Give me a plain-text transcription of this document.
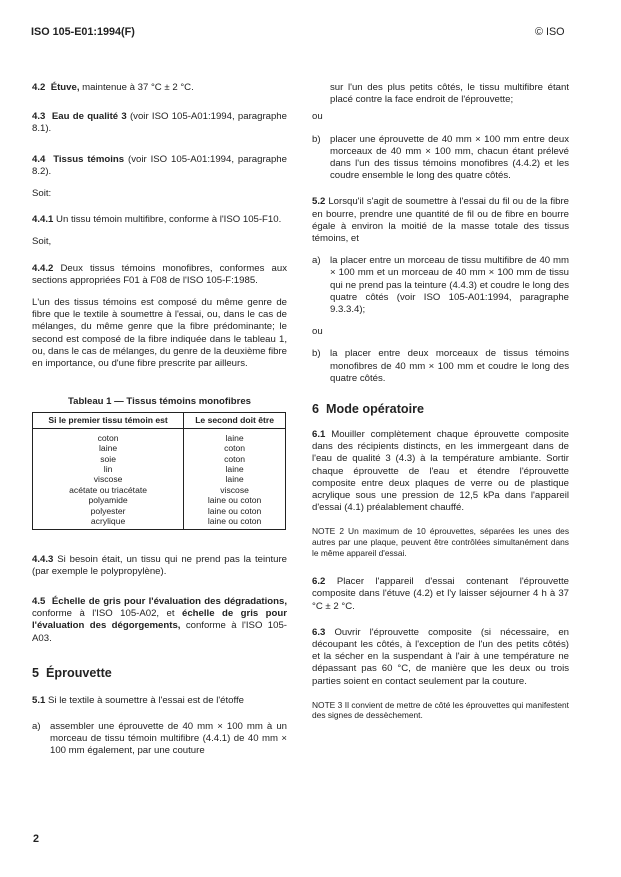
ISO 105-E01:1994(F)	© ISO

4.2 Étuve, maintenue à 37 °C ± 2 °C.

4.3 Eau de qualité 3 (voir ISO 105-A01:1994, paragraphe 8.1).

4.4 Tissus témoins (voir ISO 105-A01:1994, paragraphe 8.2).

Soit:

4.4.1 Un tissu témoin multifibre, conforme à l'ISO 105-F10.

Soit,

4.4.2 Deux tissus témoins monofibres, conformes aux sections appropriées F01 à F08 de l'ISO 105-F:1985.

L'un des tissus témoins est composé du même genre de fibre que le textile à soumettre à l'essai, ou, dans le cas de mélanges, du même genre que la fibre prédominante; le second est composé de la fibre indiquée dans le tableau 1, ou, dans le cas de mélanges, du genre de la deuxième fibre en importance, ou d'une fibre prescrite par ailleurs.

Tableau 1 — Tissus témoins monofibres
Si le premier tissu témoin est	Le second doit être
coton	laine
laine	coton
soie	coton
lin	laine
viscose	laine
acétate ou triacétate	viscose
polyamide	laine ou coton
polyester	laine ou coton
acrylique	laine ou coton

4.4.3 Si besoin était, un tissu qui ne prend pas la teinture (par exemple le polypropylène).

4.5 Échelle de gris pour l'évaluation des dégradations, conforme à l'ISO 105-A02, et échelle de gris pour l'évaluation des dégorgements, conforme à l'ISO 105-A03.

5 Éprouvette

5.1 Si le textile à soumettre à l'essai est de l'étoffe

a) assembler une éprouvette de 40 mm × 100 mm à un morceau de tissu témoin multifibre (4.4.1) de 40 mm × 100 mm également, par une couture

sur l'un des plus petits côtés, le tissu multifibre étant placé contre la face endroit de l'éprouvette;

ou

b) placer une éprouvette de 40 mm × 100 mm entre deux morceaux de 40 mm × 100 mm, chacun étant prélevé dans l'un des tissus témoins monofibres (4.4.2) et les coudre ensemble le long des quatre côtés.

5.2 Lorsqu'il s'agit de soumettre à l'essai du fil ou de la fibre en bourre, prendre une quantité de fil ou de fibre en bourre égale à environ la moitié de la masse totale des tissus témoins, et

a) la placer entre un morceau de tissu multifibre de 40 mm × 100 mm et un morceau de 40 mm × 100 mm de tissu qui ne prend pas la teinture (4.4.3) et coudre le long des quatre côtés (voir ISO 105-A01:1994, paragraphe 9.3.3.4);

ou

b) la placer entre deux morceaux de tissus témoins monofibres de 40 mm × 100 mm et coudre le long des quatre côtés.
6 Mode opératoire

6.1 Mouiller complètement chaque éprouvette composite dans des récipients distincts, en les immergeant dans de l'eau de qualité 3 (4.3) à la température ambiante. Sortir chaque éprouvette de l'eau et étendre l'éprouvette composite entre deux plaques de verre ou de plastique acrylique sous une pression de 12,5 kPa dans l'appareil d'essai (4.1) préalablement chauffé.

NOTE 2 Un maximum de 10 éprouvettes, séparées les unes des autres par une plaque, peuvent être contrôlées simultanément dans le même appareil d'essai.

6.2 Placer l'appareil d'essai contenant l'éprouvette composite dans l'étuve (4.2) et l'y laisser séjourner 4 h à 37 °C ± 2 °C.

6.3 Ouvrir l'éprouvette composite (si nécessaire, en découpant les côtés, à l'exception de l'un des petits côtés) et la sécher en la suspendant à l'air à une température ne dépassant pas 60 °C, de manière que les deux ou trois parties soient en contact seulement par la couture.

NOTE 3 Il convient de mettre de côté les éprouvettes qui manifestent des signes de dessèchement.

2
